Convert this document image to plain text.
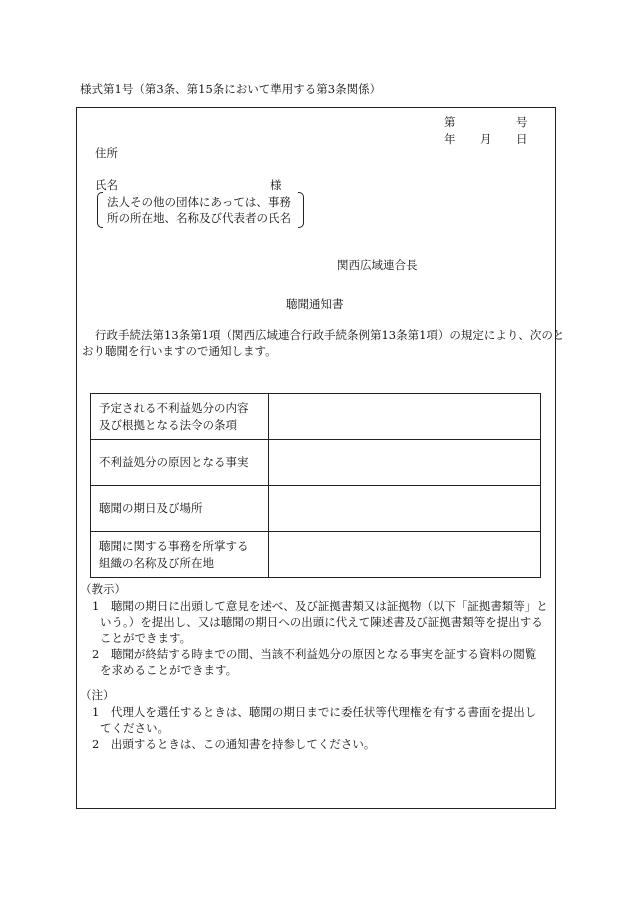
様式第1号（第3条、第15条において準用する第3条関係）
第	号
年 月 日
住所
氏名	様
法人その他の団体にあっては、事務
所の所在地、名称及び代表者の氏名
関西広域連合長
聴聞通知書
行政手続法第13条第1項（関西広域連合行政手続条例第13条第1項）の規定により、次のと
おり聴聞を行いますので通知します。
予定される不利益処分の内容
及び根拠となる法令の条項	

不利益処分の原因となる事実	

聴聞の期日及び場所	

聴聞に関する事務を所掌する
組織の名称及び所在地	

（教示）
1　聴聞の期日に出頭して意見を述べ、及び証拠書類又は証拠物（以下「証拠書類等」と
いう。）を提出し、又は聴聞の期日への出頭に代えて陳述書及び証拠書類等を提出する
ことができます。
2　聴聞が終結する時までの間、当該不利益処分の原因となる事実を証する資料の閲覧
を求めることができます。
（注）
1　代理人を選任するときは、聴聞の期日までに委任状等代理権を有する書面を提出し
てください。
2　出頭するときは、この通知書を持参してください。
